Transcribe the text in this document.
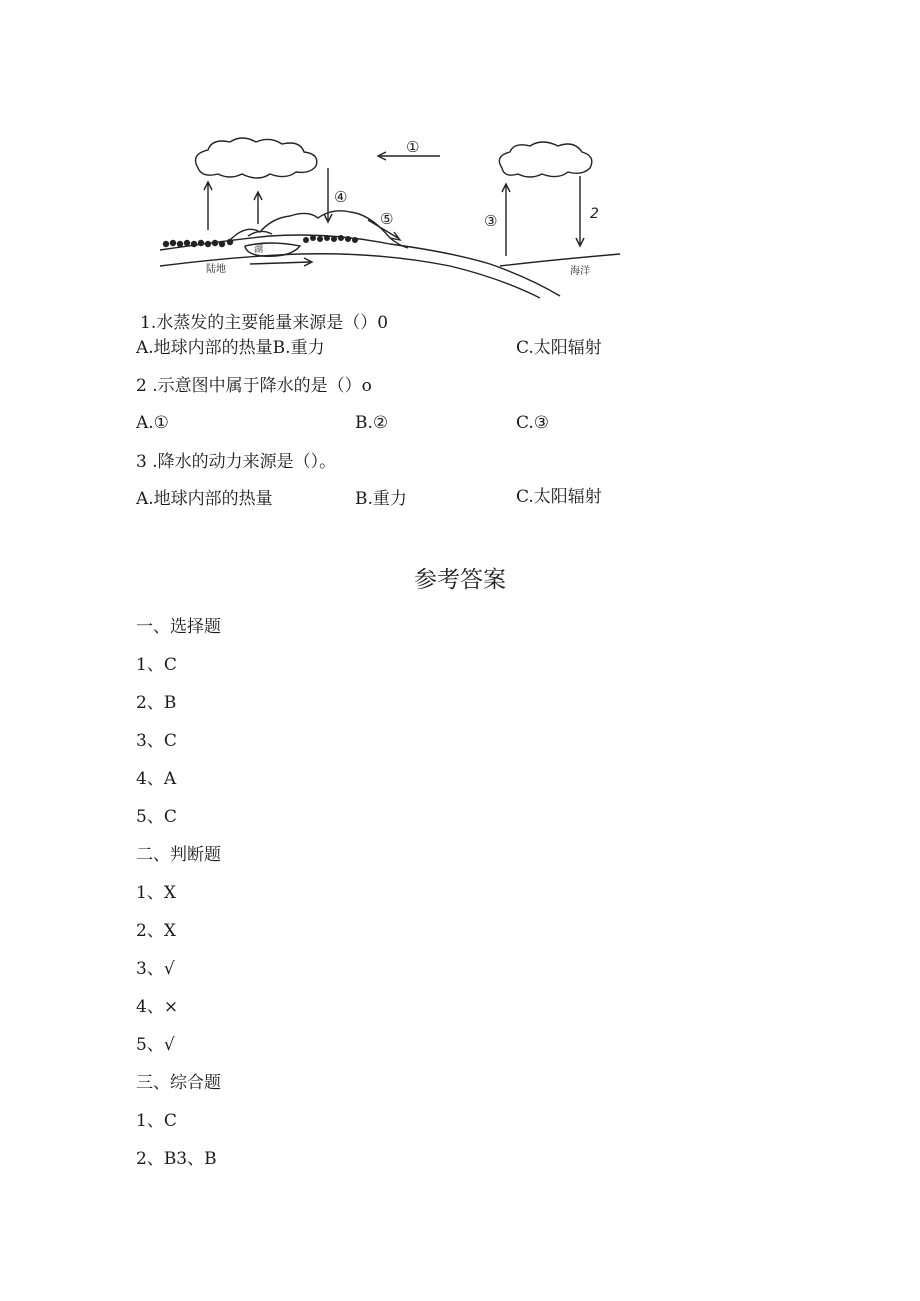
①
④
⑤	③	2
湖
陆地	海洋
1.水蒸发的主要能量来源是（）0
A.地球内部的热量B.重力	C.太阳辐射
2 .示意图中属于降水的是（）o
A.①	B.②	C.③
3 .降水的动力来源是（）。
A.地球内部的热量	B.重力	C.太阳辐射
参考答案
一、选择题
1、C
2、B
3、C
4、A
5、C
二、判断题
1、X
2、X
3、√
4、×
5、√
三、综合题
1、C
2、B3、B
